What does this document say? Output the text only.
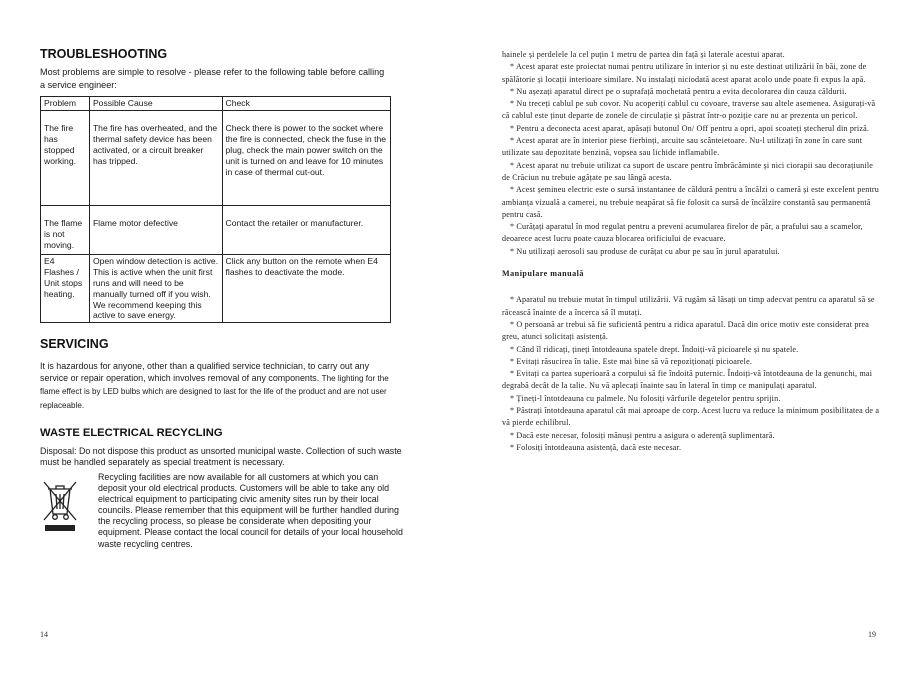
TROUBLESHOOTING
Most problems are simple to resolve - please refer to the following table before calling a service engineer:
Problem	Possible Cause	Check
The fire has stopped working.	The fire has overheated, and the thermal safety device has been activated, or a circuit breaker has tripped.	Check there is power to the socket where the fire is connected, check the fuse in the plug, check the main power switch on the unit is turned on and leave for 10 minutes in case of thermal cut-out.
The flame is not moving.	Flame motor defective	Contact the retailer or manufacturer.
E4 Flashes / Unit stops heating.	Open window detection is active. This is active when the unit first runs and will need to be manually turned off if you wish. We recommend keeping this active to save energy.	Click any button on the remote when E4 flashes to deactivate the mode.
SERVICING
It is hazardous for anyone, other than a qualified service technician, to carry out any service or repair operation, which involves removal of any components. The lighting for the flame effect is by LED bulbs which are designed to last for the life of the product and are not user replaceable.
WASTE ELECTRICAL RECYCLING
Disposal: Do not dispose this product as unsorted municipal waste. Collection of such waste must be handled separately as special treatment is necessary.
Recycling facilities are now available for all customers at which you can deposit your old electrical products. Customers will be able to take any old electrical equipment to participating civic amenity sites run by their local councils. Please remember that this equipment will be further handled during the recycling process, so please be considerate when depositing your equipment. Please contact the local council for details of your local household waste recycling centres.
14

hainele și perdelele la cel puțin 1 metru de partea din față și laterale acestui aparat.

* Acest aparat este proiectat numai pentru utilizare în interior și nu este destinat utilizării în băi, zone de spălătorie și locații interioare similare. Nu instalați niciodată acest aparat acolo unde poate fi expus la apă.

* Nu așezați aparatul direct pe o suprafață mochetată pentru a evita decolorarea din cauza căldurii.

* Nu treceți cablul pe sub covor. Nu acoperiți cablul cu covoare, traverse sau altele asemenea. Asigurați-vă că cablul este ținut departe de zonele de circulație și păstrat într-o poziție care nu ar prezenta un pericol.

* Pentru a deconecta acest aparat, apăsați butonul On/ Off pentru a opri, apoi scoateți ștecherul din priză.

* Acest aparat are în interior piese fierbinți, arcuite sau scânteietoare. Nu-l utilizați în zone în care sunt utilizate sau depozitate benzină, vopsea sau lichide inflamabile.

* Acest aparat nu trebuie utilizat ca suport de uscare pentru îmbrăcăminte și nici ciorapii sau decorațiunile de Crăciun nu trebuie agățate pe sau lângă acesta.

* Acest șemineu electric este o sursă instantanee de căldură pentru a încălzi o cameră și este excelent pentru ambianța vizuală a camerei, nu trebuie neapărat să fie folosit ca sursă de încălzire constantă sau permanentă pentru casă.

* Curățați aparatul în mod regulat pentru a preveni acumularea firelor de păr, a prafului sau a scamelor, deoarece acest lucru poate cauza blocarea orificiului de evacuare.

* Nu utilizați aerosoli sau produse de curățat cu abur pe sau în jurul aparatului.

Manipulare manuală

* Aparatul nu trebuie mutat în timpul utilizării. Vă rugăm să lăsați un timp adecvat pentru ca aparatul să se răcească înainte de a încerca să îl mutați.

* O persoană ar trebui să fie suficientă pentru a ridica aparatul. Dacă din orice motiv este considerat prea greu, atunci solicitați asistență.

* Când îl ridicați, țineți întotdeauna spatele drept. Îndoiți-vă picioarele și nu spatele.

* Evitați răsucirea în talie. Este mai bine să vă repoziționați picioarele.

* Evitați ca partea superioară a corpului să fie îndoită puternic. Îndoiți-vă întotdeauna de la genunchi, mai degrabă decât de la talie. Nu vă aplecați înainte sau în lateral în timp ce manipulați aparatul.

* Țineți-l întotdeauna cu palmele. Nu folosiți vârfurile degetelor pentru sprijin.

* Păstrați întotdeauna aparatul cât mai aproape de corp. Acest lucru va reduce la minimum posibilitatea de a vă pierde echilibrul.

* Dacă este necesar, folosiți mănuși pentru a asigura o aderență suplimentară.

* Folosiți întotdeauna asistență, dacă este necesar.

19
